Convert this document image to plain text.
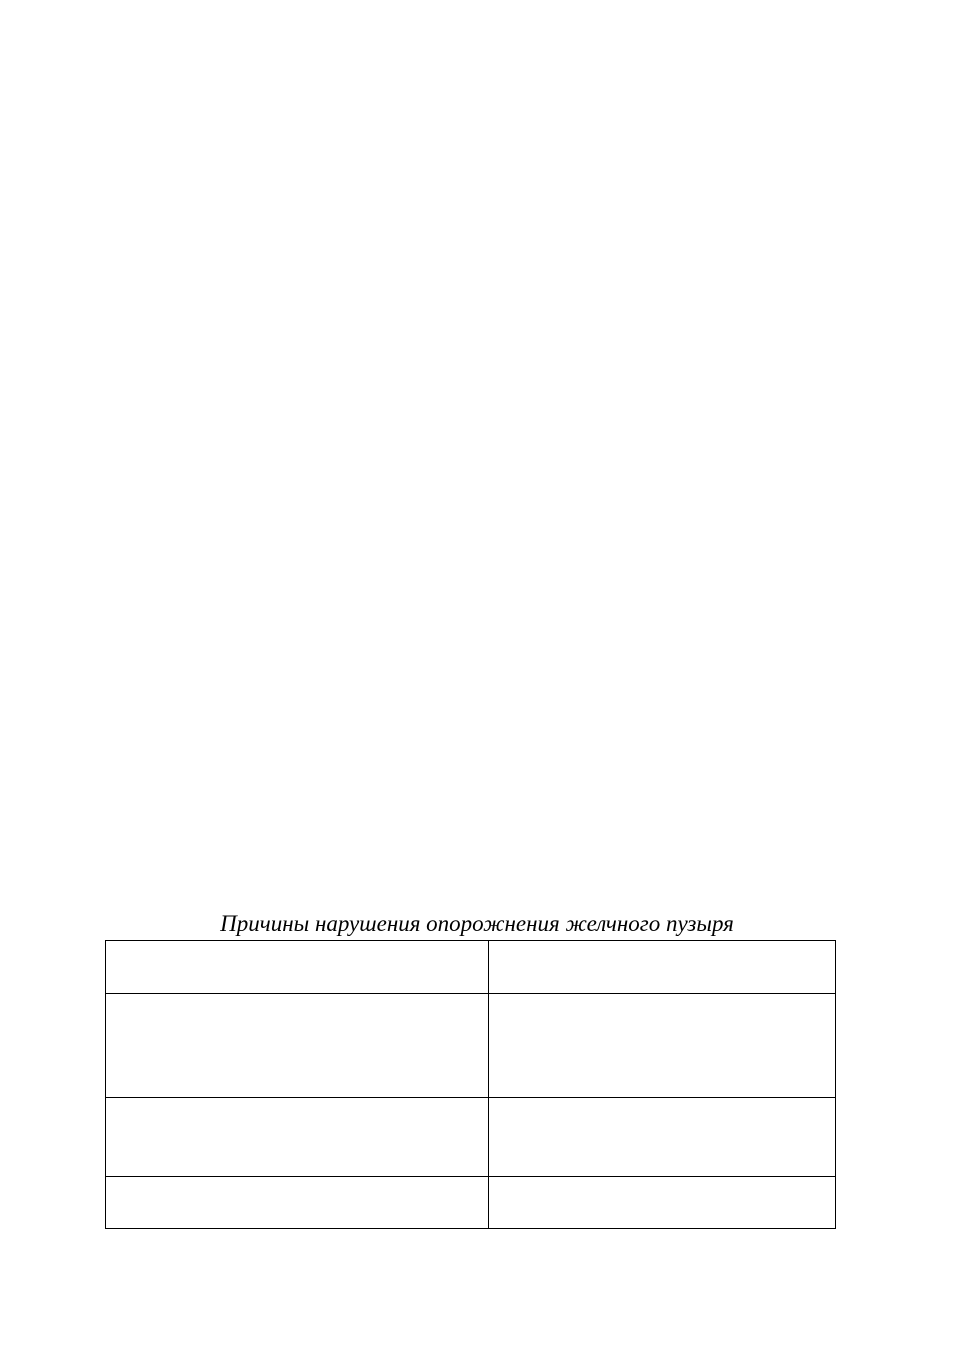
Причины нарушения опорожнения желчного пузыря
